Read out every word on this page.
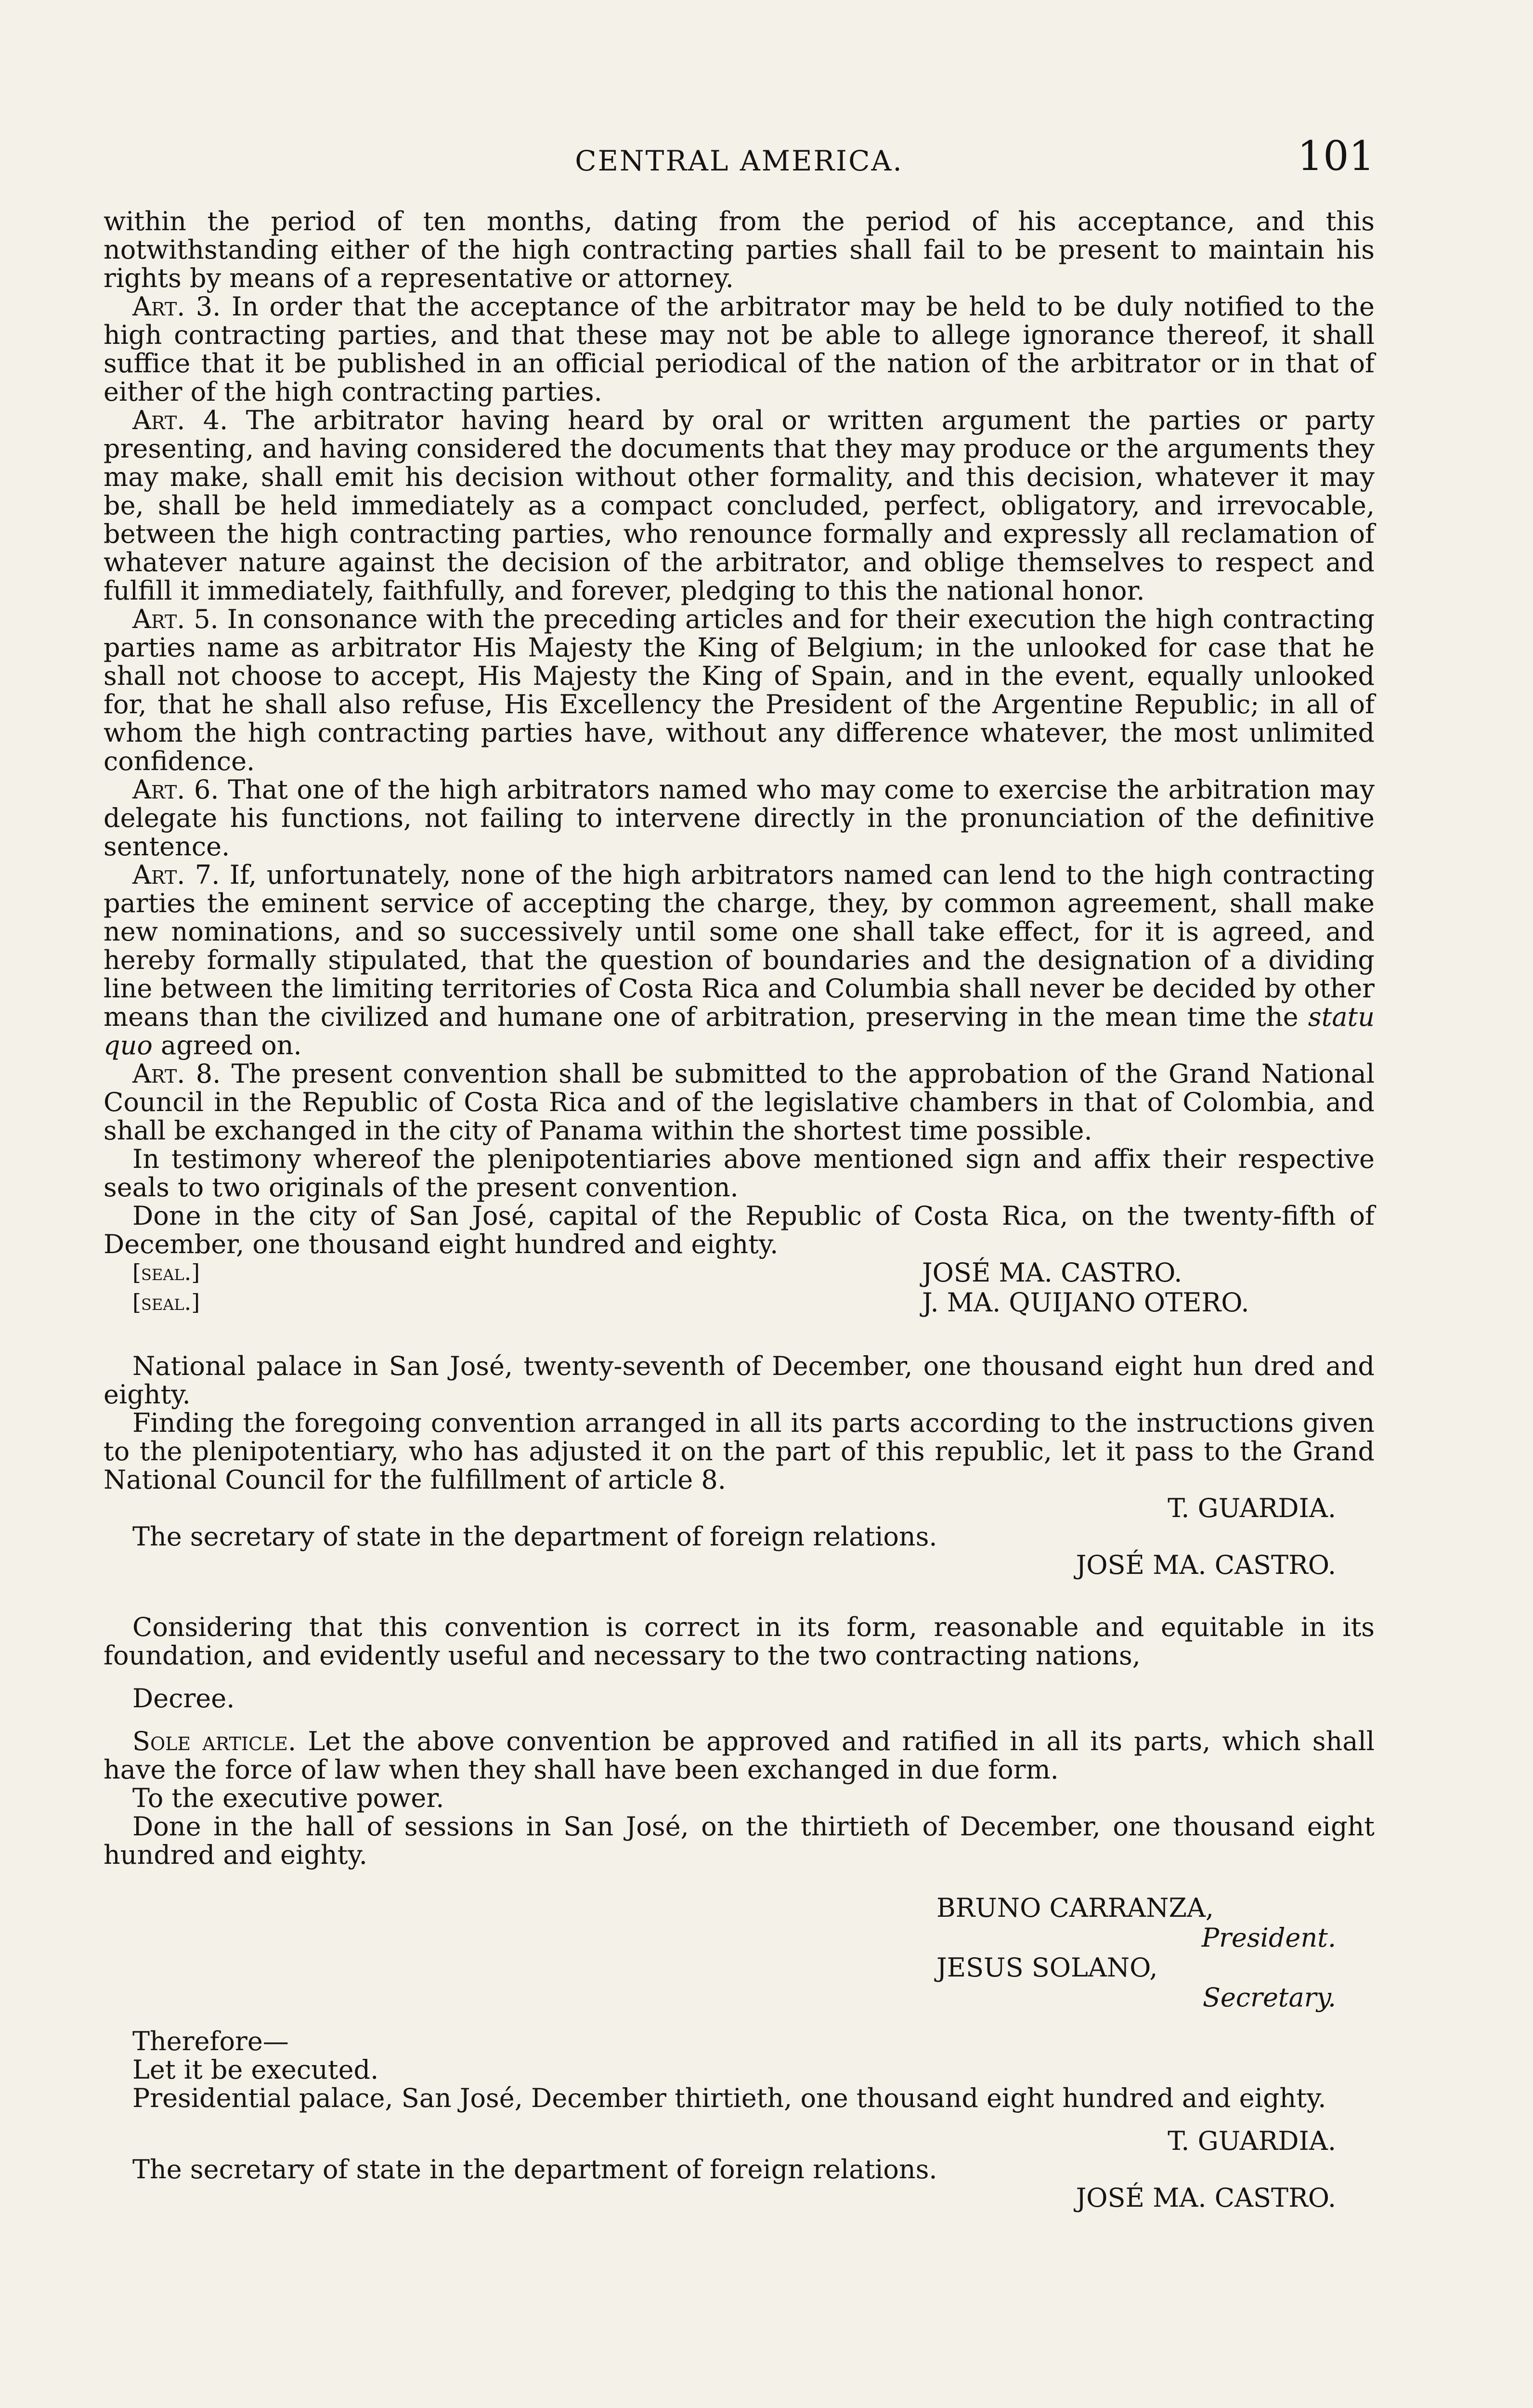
CENTRAL AMERICA.	101

within the period of ten months, dating from the period of his acceptance, and this notwithstanding either of the high contracting parties shall fail to be present to maintain his rights by means of a representative or attorney.

Art. 3. In order that the acceptance of the arbitrator may be held to be duly notified to the high contracting parties, and that these may not be able to allege ignorance thereof, it shall suffice that it be published in an official periodical of the nation of the arbitrator or in that of either of the high contracting parties.

Art. 4. The arbitrator having heard by oral or written argument the parties or party presenting, and having considered the documents that they may produce or the arguments they may make, shall emit his decision without other formality, and this decision, whatever it may be, shall be held immediately as a compact concluded, perfect, obligatory, and irrevocable, between the high contracting parties, who renounce formally and expressly all reclamation of whatever nature against the decision of the arbitrator, and oblige themselves to respect and fulfill it immediately, faithfully, and forever, pledging to this the national honor.

Art. 5. In consonance with the preceding articles and for their execution the high contracting parties name as arbitrator His Majesty the King of Belgium; in the unlooked for case that he shall not choose to accept, His Majesty the King of Spain, and in the event, equally unlooked for, that he shall also refuse, His Excellency the President of the Argentine Republic; in all of whom the high contracting parties have, without any difference whatever, the most unlimited confidence.

Art. 6. That one of the high arbitrators named who may come to exercise the arbitration may delegate his functions, not failing to intervene directly in the pronunciation of the definitive sentence.

Art. 7. If, unfortunately, none of the high arbitrators named can lend to the high contracting parties the eminent service of accepting the charge, they, by common agreement, shall make new nominations, and so successively until some one shall take effect, for it is agreed, and hereby formally stipulated, that the question of boundaries and the designation of a dividing line between the limiting territories of Costa Rica and Columbia shall never be decided by other means than the civilized and humane one of arbitration, preserving in the mean time the statu quo agreed on.

Art. 8. The present convention shall be submitted to the approbation of the Grand National Council in the Republic of Costa Rica and of the legislative chambers in that of Colombia, and shall be exchanged in the city of Panama within the shortest time possible.

In testimony whereof the plenipotentiaries above mentioned sign and affix their respective seals to two originals of the present convention.

Done in the city of San José, capital of the Republic of Costa Rica, on the twenty-fifth of December, one thousand eight hundred and eighty.

[seal.]	JOSÉ MA. CASTRO.
[seal.]	J. MA. QUIJANO OTERO.

National palace in San José, twenty-seventh of December, one thousand eight hun dred and eighty.

Finding the foregoing convention arranged in all its parts according to the instructions given to the plenipotentiary, who has adjusted it on the part of this republic, let it pass to the Grand National Council for the fulfillment of article 8.

T. GUARDIA.

The secretary of state in the department of foreign relations.

JOSÉ MA. CASTRO.

Considering that this convention is correct in its form, reasonable and equitable in its foundation, and evidently useful and necessary to the two contracting nations,

Decree.

Sole article. Let the above convention be approved and ratified in all its parts, which shall have the force of law when they shall have been exchanged in due form.

To the executive power.

Done in the hall of sessions in San José, on the thirtieth of December, one thousand eight hundred and eighty.

BRUNO CARRANZA,
President.
JESUS SOLANO,
Secretary.

Therefore—

Let it be executed.

Presidential palace, San José, December thirtieth, one thousand eight hundred and eighty.

T. GUARDIA.

The secretary of state in the department of foreign relations.

JOSÉ MA. CASTRO.
